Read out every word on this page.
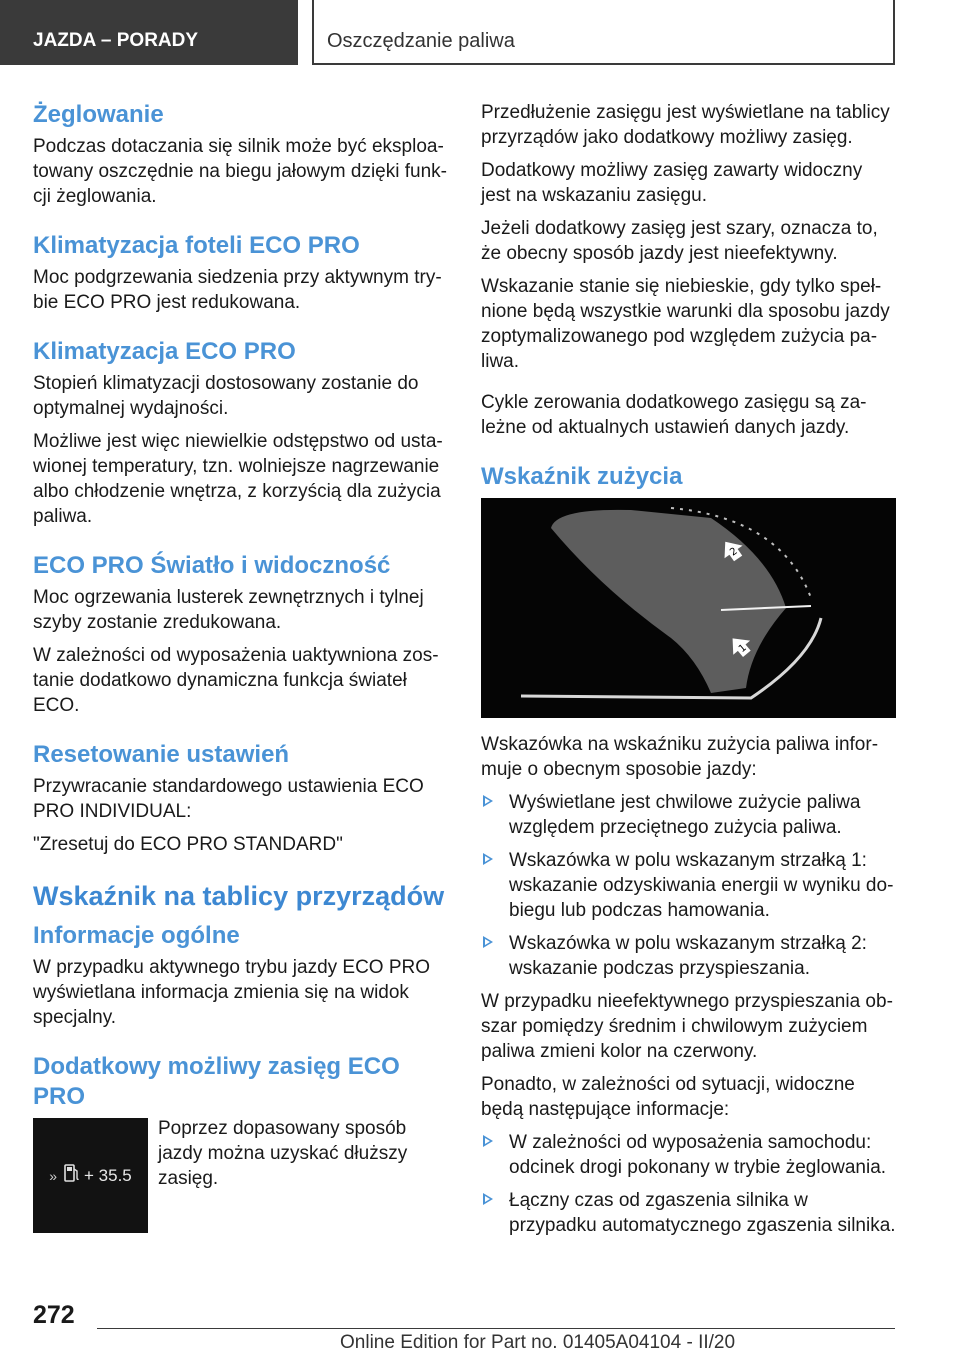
JAZDA – PORADY	Oszczędzanie paliwa
Żeglowanie

Podczas dotaczania się silnik może być eksploatowany oszczędnie na biegu jałowym dzięki funkcji żeglowania.

Klimatyzacja foteli ECO PRO

Moc podgrzewania siedzenia przy aktywnym trybie ECO PRO jest redukowana.

Klimatyzacja ECO PRO

Stopień klimatyzacji dostosowany zostanie do optymalnej wydajności.

Możliwe jest więc niewielkie odstępstwo od ustawionej temperatury, tzn. wolniejsze nagrzewanie albo chłodzenie wnętrza, z korzyścią dla zużycia paliwa.

ECO PRO Światło i widoczność

Moc ogrzewania lusterek zewnętrznych i tylnej szyby zostanie zredukowana.

W zależności od wyposażenia uaktywniona zostanie dodatkowo dynamiczna funkcja świateł ECO.

Resetowanie ustawień

Przywracanie standardowego ustawienia ECO PRO INDIVIDUAL:

"Zresetuj do ECO PRO STANDARD"

Wskaźnik na tablicy przyrządów
Informacje ogólne

W przypadku aktywnego trybu jazdy ECO PRO wyświetlana informacja zmienia się na widok specjalny.

Dodatkowy możliwy zasięg ECO PRO
» + 35.5

Poprzez dopasowany sposób jazdy można uzyskać dłuższy zasięg.

Przedłużenie zasięgu jest wyświetlane na tablicy przyrządów jako dodatkowy możliwy zasięg.

Dodatkowy możliwy zasięg zawarty widoczny jest na wskazaniu zasięgu.

Jeżeli dodatkowy zasięg jest szary, oznacza to, że obecny sposób jazdy jest nieefektywny.

Wskazanie stanie się niebieskie, gdy tylko spełnione będą wszystkie warunki dla sposobu jazdy zoptymalizowanego pod względem zużycia paliwa.

Cykle zerowania dodatkowego zasięgu są zależne od aktualnych ustawień danych jazdy.

Wskaźnik zużycia
2
1

Wskazówka na wskaźniku zużycia paliwa informuje o obecnym sposobie jazdy:

Wyświetlane jest chwilowe zużycie paliwa względem przeciętnego zużycia paliwa.
Wskazówka w polu wskazanym strzałką 1: wskazanie odzyskiwania energii w wyniku dobiegu lub podczas hamowania.
Wskazówka w polu wskazanym strzałką 2: wskazanie podczas przyspieszania.

W przypadku nieefektywnego przyspieszania obszar pomiędzy średnim i chwilowym zużyciem paliwa zmieni kolor na czerwony.

Ponadto, w zależności od sytuacji, widoczne będą następujące informacje:

W zależności od wyposażenia samochodu: odcinek drogi pokonany w trybie żeglowania.
Łączny czas od zgaszenia silnika w przypadku automatycznego zgaszenia silnika.
272
Online Edition for Part no. 01405A04104 - II/20
